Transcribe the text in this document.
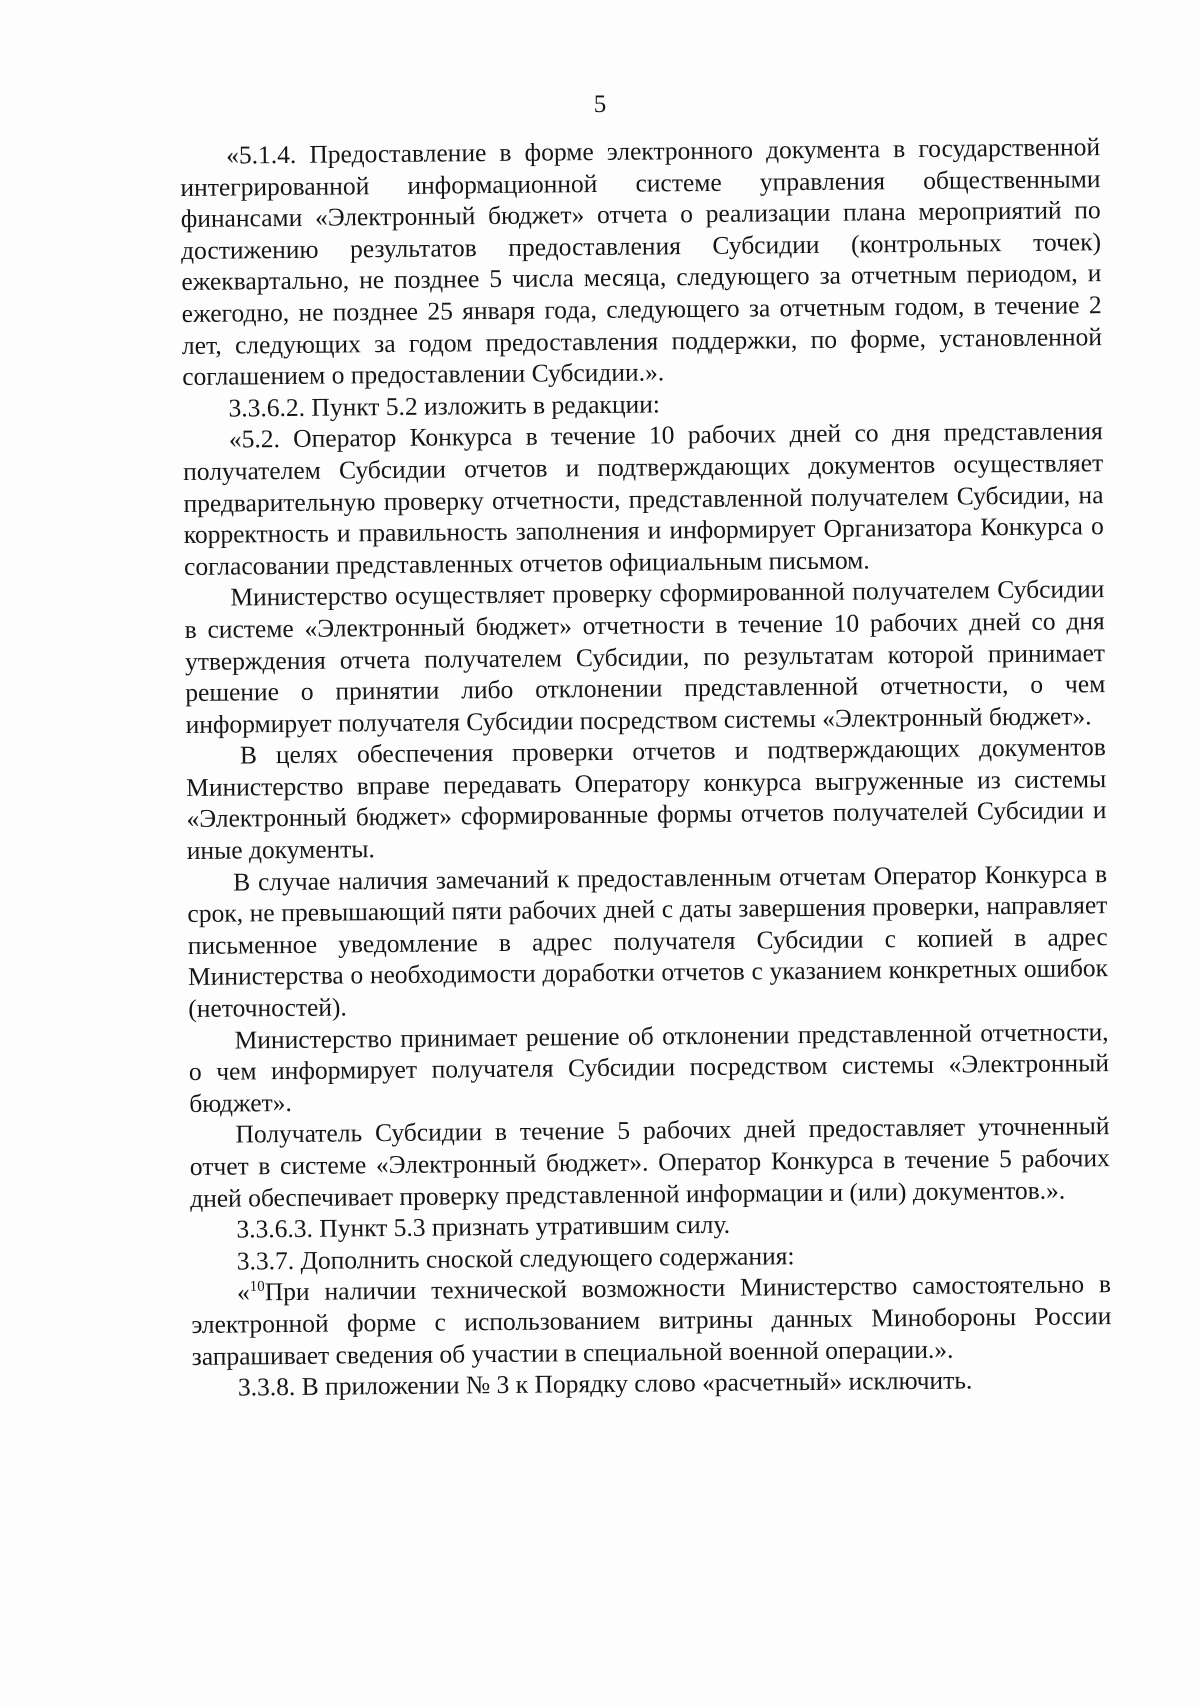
5

«5.1.4. Предоставление в форме электронного документа в государственной интегрированной информационной системе управления общественными финансами «Электронный бюджет» отчета о реализации плана мероприятий по достижению результатов предоставления Субсидии (контрольных точек) ежеквартально, не позднее 5 числа месяца, следующего за отчетным периодом, и ежегодно, не позднее 25 января года, следующего за отчетным годом, в течение 2 лет, следующих за годом предоставления поддержки, по форме, установленной соглашением о предоставлении Субсидии.».

3.3.6.2. Пункт 5.2 изложить в редакции:

«5.2. Оператор Конкурса в течение 10 рабочих дней со дня представления получателем Субсидии отчетов и подтверждающих документов осуществляет предварительную проверку отчетности, представленной получателем Субсидии, на корректность и правильность заполнения и информирует Организатора Конкурса о согласовании представленных отчетов официальным письмом.

Министерство осуществляет проверку сформированной получателем Субсидии в системе «Электронный бюджет» отчетности в течение 10 рабочих дней со дня утверждения отчета получателем Субсидии, по результатам которой принимает решение о принятии либо отклонении представленной отчетности, о чем информирует получателя Субсидии посредством системы «Электронный бюджет».

В целях обеспечения проверки отчетов и подтверждающих документов Министерство вправе передавать Оператору конкурса выгруженные из системы «Электронный бюджет» сформированные формы отчетов получателей Субсидии и иные документы.

В случае наличия замечаний к предоставленным отчетам Оператор Конкурса в срок, не превышающий пяти рабочих дней с даты завершения проверки, направляет письменное уведомление в адрес получателя Субсидии с копией в адрес Министерства о необходимости доработки отчетов с указанием конкретных ошибок (неточностей).

Министерство принимает решение об отклонении представленной отчетности, о чем информирует получателя Субсидии посредством системы «Электронный бюджет».

Получатель Субсидии в течение 5 рабочих дней предоставляет уточненный отчет в системе «Электронный бюджет». Оператор Конкурса в течение 5 рабочих дней обеспечивает проверку представленной информации и (или) документов.».

3.3.6.3. Пункт 5.3 признать утратившим силу.

3.3.7. Дополнить сноской следующего содержания:

«$^{10}$При наличии технической возможности Министерство самостоятельно в электронной форме с использованием витрины данных Минобороны России запрашивает сведения об участии в специальной военной операции.».

3.3.8. В приложении № 3 к Порядку слово «расчетный» исключить.
